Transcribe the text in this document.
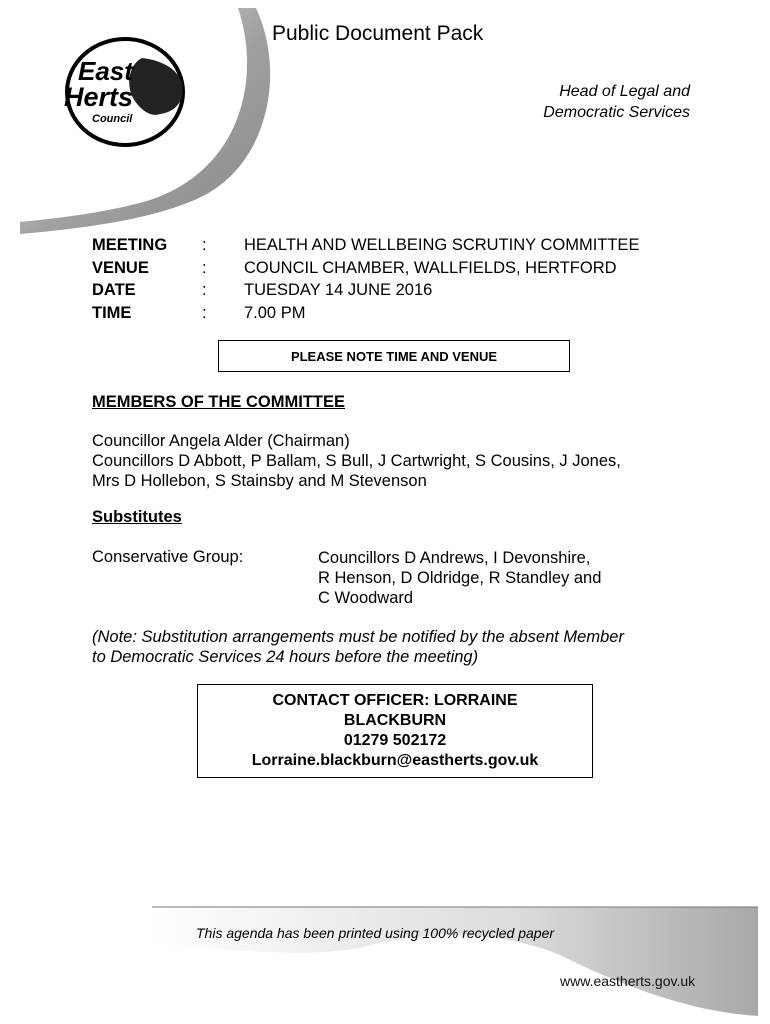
East
Herts
Council
Public Document Pack
Head of Legal and
Democratic Services
MEETING	:	HEALTH AND WELLBEING SCRUTINY COMMITTEE
VENUE	:	COUNCIL CHAMBER, WALLFIELDS, HERTFORD
DATE	:	TUESDAY 14 JUNE 2016
TIME	:	7.00 PM
PLEASE NOTE TIME AND VENUE
MEMBERS OF THE COMMITTEE
Councillor Angela Alder (Chairman)
Councillors D Abbott, P Ballam, S Bull, J Cartwright, S Cousins, J Jones,
Mrs D Hollebon, S Stainsby and M Stevenson
Substitutes
Conservative Group:	Councillors D Andrews, I Devonshire,
R Henson, D Oldridge, R Standley and
C Woodward
(Note: Substitution arrangements must be notified by the absent Member
to Democratic Services 24 hours before the meeting)
CONTACT OFFICER: LORRAINE
BLACKBURN
01279 502172
Lorraine.blackburn@eastherts.gov.uk
This agenda has been printed using 100% recycled paper
www.eastherts.gov.uk
